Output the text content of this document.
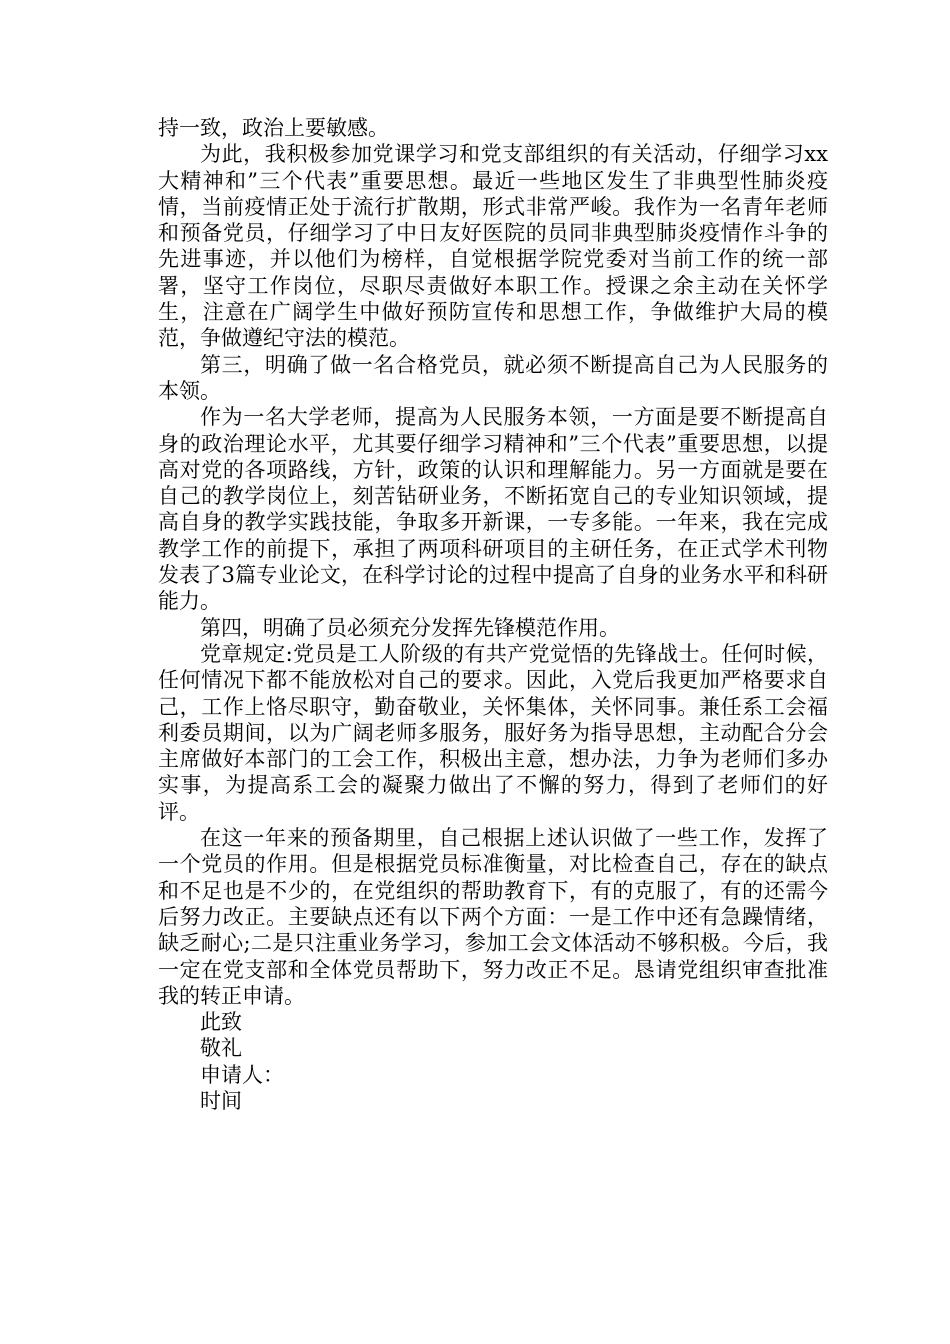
持一致，政治上要敏感。

为此，我积极参加党课学习和党支部组织的有关活动，仔细学习xx大精神和”三个代表”重要思想。最近一些地区发生了非典型性肺炎疫情，当前疫情正处于流行扩散期，形式非常严峻。我作为一名青年老师和预备党员，仔细学习了中日友好医院的员同非典型肺炎疫情作斗争的先进事迹，并以他们为榜样，自觉根据学院党委对当前工作的统一部署，坚守工作岗位，尽职尽责做好本职工作。授课之余主动在关怀学生，注意在广阔学生中做好预防宣传和思想工作，争做维护大局的模范，争做遵纪守法的模范。

第三，明确了做一名合格党员，就必须不断提高自己为人民服务的本领。

作为一名大学老师，提高为人民服务本领，一方面是要不断提高自身的政治理论水平，尤其要仔细学习精神和”三个代表”重要思想，以提高对党的各项路线，方针，政策的认识和理解能力。另一方面就是要在自己的教学岗位上，刻苦钻研业务，不断拓宽自己的专业知识领域，提高自身的教学实践技能，争取多开新课，一专多能。一年来，我在完成教学工作的前提下，承担了两项科研项目的主研任务，在正式学术刊物发表了3篇专业论文，在科学讨论的过程中提高了自身的业务水平和科研能力。

第四，明确了员必须充分发挥先锋模范作用。

党章规定:党员是工人阶级的有共产党觉悟的先锋战士。任何时候，任何情况下都不能放松对自己的要求。因此，入党后我更加严格要求自己，工作上恪尽职守，勤奋敬业，关怀集体，关怀同事。兼任系工会福利委员期间，以为广阔老师多服务，服好务为指导思想，主动配合分会主席做好本部门的工会工作，积极出主意，想办法，力争为老师们多办实事，为提高系工会的凝聚力做出了不懈的努力，得到了老师们的好评。

在这一年来的预备期里，自己根据上述认识做了一些工作，发挥了一个党员的作用。但是根据党员标准衡量，对比检查自己，存在的缺点和不足也是不少的，在党组织的帮助教育下，有的克服了，有的还需今后努力改正。主要缺点还有以下两个方面：一是工作中还有急躁情绪，缺乏耐心;二是只注重业务学习，参加工会文体活动不够积极。今后，我一定在党支部和全体党员帮助下，努力改正不足。恳请党组织审查批准我的转正申请。

此致

敬礼

申请人：

时间
